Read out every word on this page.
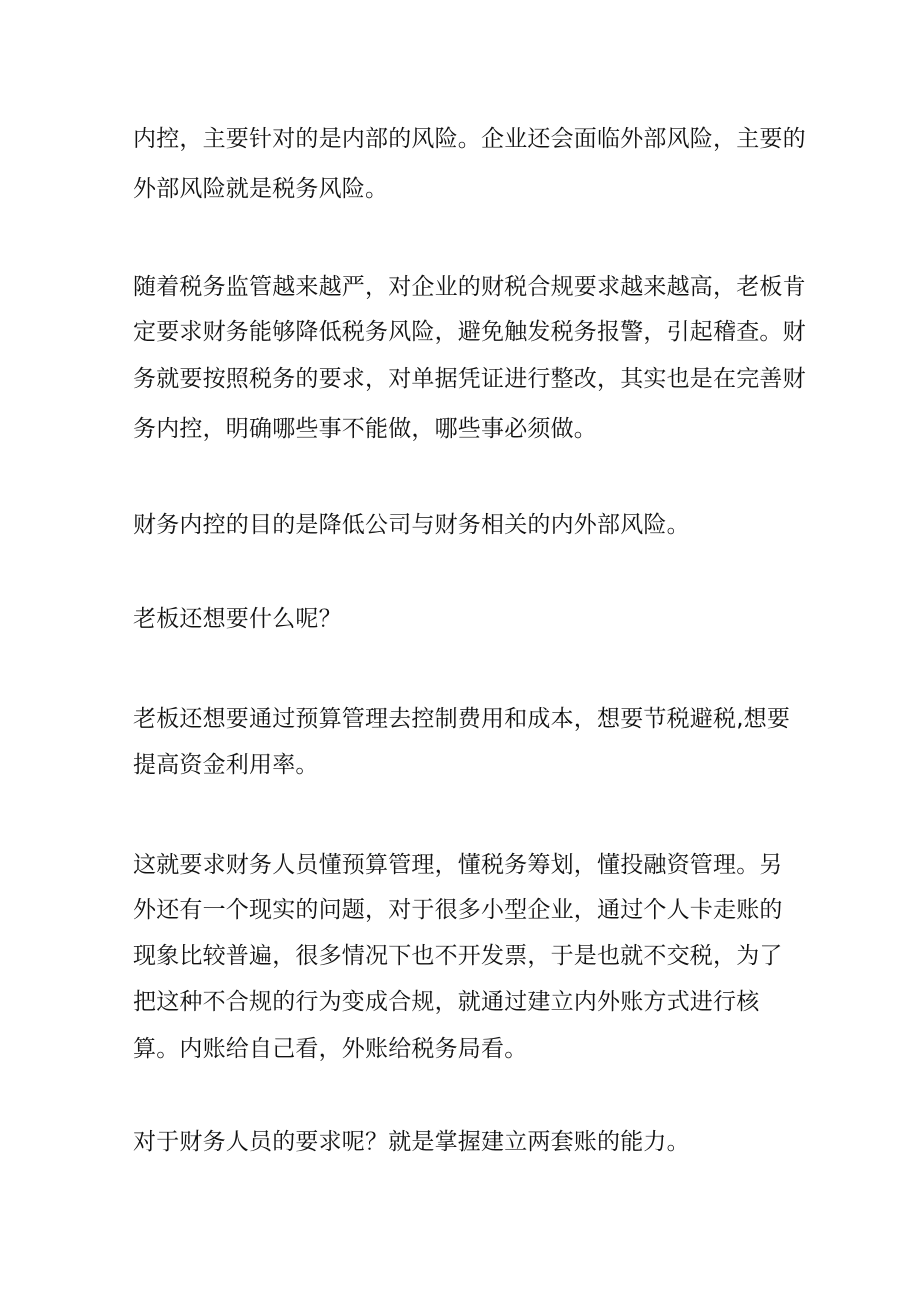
内控，主要针对的是内部的风险。企业还会面临外部风险，主要的

外部风险就是税务风险。

随着税务监管越来越严，对企业的财税合规要求越来越高，老板肯

定要求财务能够降低税务风险，避免触发税务报警，引起稽查。财

务就要按照税务的要求，对单据凭证进行整改，其实也是在完善财

务内控，明确哪些事不能做，哪些事必须做。

财务内控的目的是降低公司与财务相关的内外部风险。

老板还想要什么呢？

老板还想要通过预算管理去控制费用和成本，想要节税避税,想要

提高资金利用率。

这就要求财务人员懂预算管理，懂税务筹划，懂投融资管理。另

外还有一个现实的问题，对于很多小型企业，通过个人卡走账的

现象比较普遍，很多情况下也不开发票，于是也就不交税，为了

把这种不合规的行为变成合规，就通过建立内外账方式进行核

算。内账给自己看，外账给税务局看。

对于财务人员的要求呢？就是掌握建立两套账的能力。
